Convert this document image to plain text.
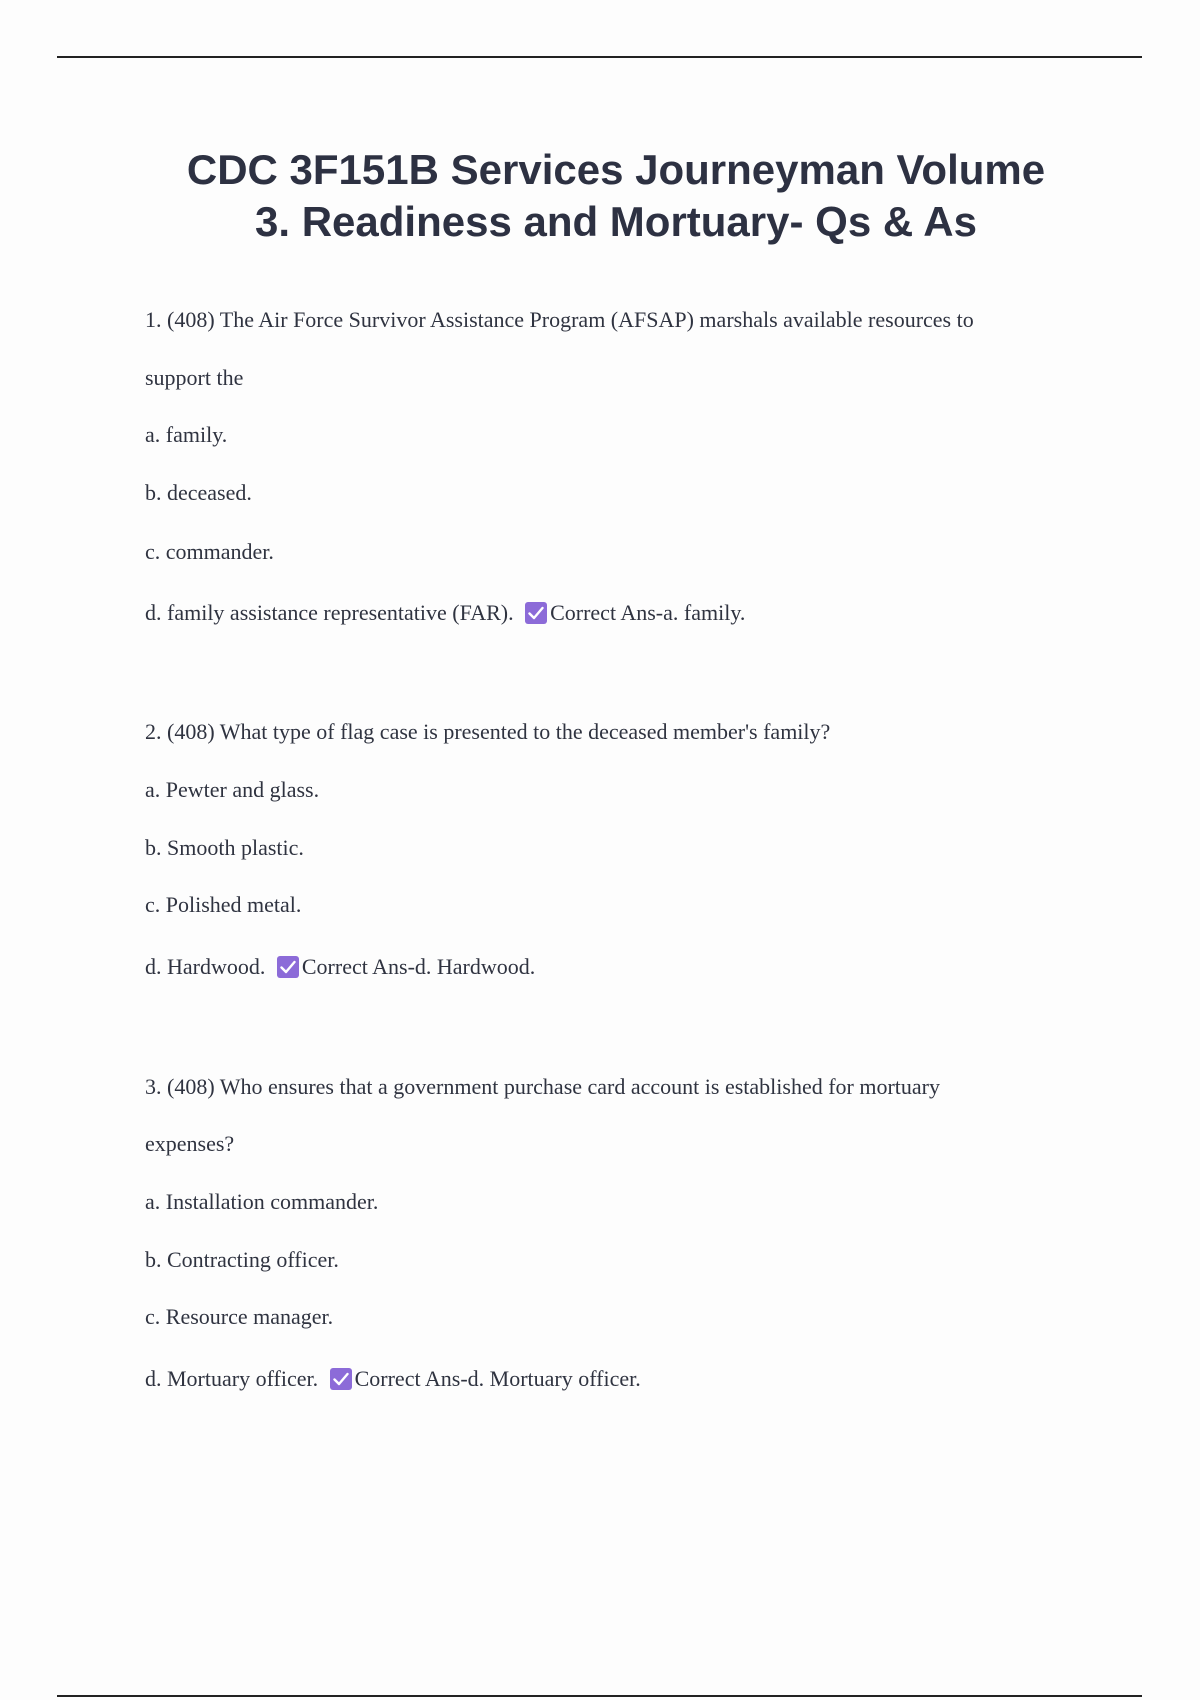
CDC 3F151B Services Journeyman Volume
3. Readiness and Mortuary- Qs & As
1. (408) The Air Force Survivor Assistance Program (AFSAP) marshals available resources to
support the
a. family.
b. deceased.
c. commander.
d. family assistance representative (FAR). Correct Ans-a. family.
2. (408) What type of flag case is presented to the deceased member's family?
a. Pewter and glass.
b. Smooth plastic.
c. Polished metal.
d. Hardwood. Correct Ans-d. Hardwood.
3. (408) Who ensures that a government purchase card account is established for mortuary
expenses?
a. Installation commander.
b. Contracting officer.
c. Resource manager.
d. Mortuary officer. Correct Ans-d. Mortuary officer.
